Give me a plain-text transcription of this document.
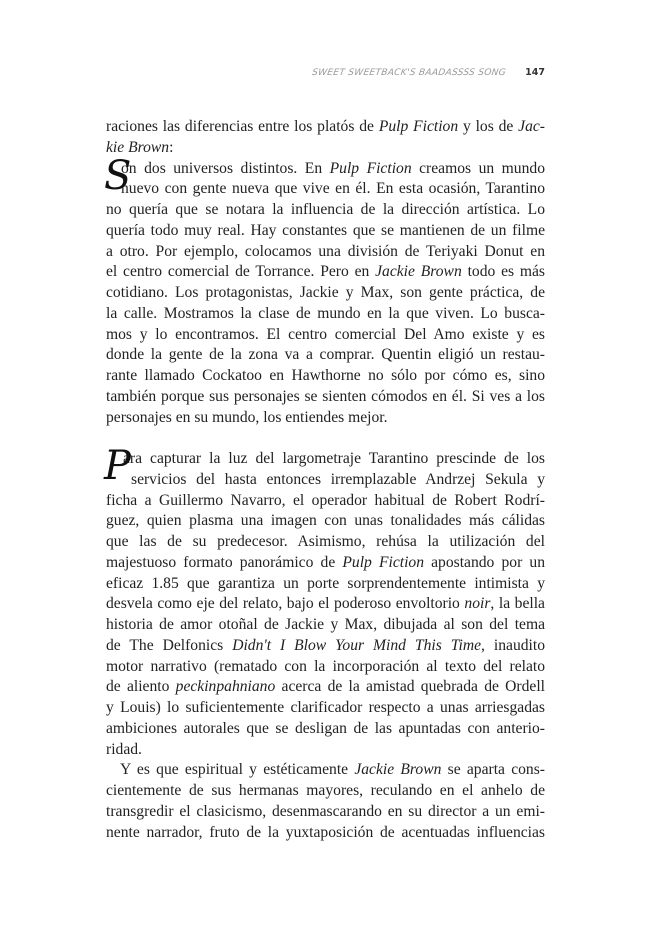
SWEET SWEETBACK'S BAADASSSS SONG 147
raciones las diferencias entre los platós de Pulp Fiction y los de Jac-
kie Brown:
S
on dos universos distintos. En Pulp Fiction creamos un mundo
nuevo con gente nueva que vive en él. En esta ocasión, Tarantino
no quería que se notara la influencia de la dirección artística. Lo
quería todo muy real. Hay constantes que se mantienen de un filme
a otro. Por ejemplo, colocamos una división de Teriyaki Donut en
el centro comercial de Torrance. Pero en Jackie Brown todo es más
cotidiano. Los protagonistas, Jackie y Max, son gente práctica, de
la calle. Mostramos la clase de mundo en la que viven. Lo busca-
mos y lo encontramos. El centro comercial Del Amo existe y es
donde la gente de la zona va a comprar. Quentin eligió un restau-
rante llamado Cockatoo en Hawthorne no sólo por cómo es, sino
también porque sus personajes se sienten cómodos en él. Si ves a los
personajes en su mundo, los entiendes mejor.
P
ara capturar la luz del largometraje Tarantino prescinde de los
servicios del hasta entonces irremplazable Andrzej Sekula y
ficha a Guillermo Navarro, el operador habitual de Robert Rodrí-
guez, quien plasma una imagen con unas tonalidades más cálidas
que las de su predecesor. Asimismo, rehúsa la utilización del
majestuoso formato panorámico de Pulp Fiction apostando por un
eficaz 1.85 que garantiza un porte sorprendentemente intimista y
desvela como eje del relato, bajo el poderoso envoltorio noir, la bella
historia de amor otoñal de Jackie y Max, dibujada al son del tema
de The Delfonics Didn't I Blow Your Mind This Time, inaudito
motor narrativo (rematado con la incorporación al texto del relato
de aliento peckinpahniano acerca de la amistad quebrada de Ordell
y Louis) lo suficientemente clarificador respecto a unas arriesgadas
ambiciones autorales que se desligan de las apuntadas con anterio-
ridad.
Y es que espiritual y estéticamente Jackie Brown se aparta cons-
cientemente de sus hermanas mayores, reculando en el anhelo de
transgredir el clasicismo, desenmascarando en su director a un emi-
nente narrador, fruto de la yuxtaposición de acentuadas influencias
